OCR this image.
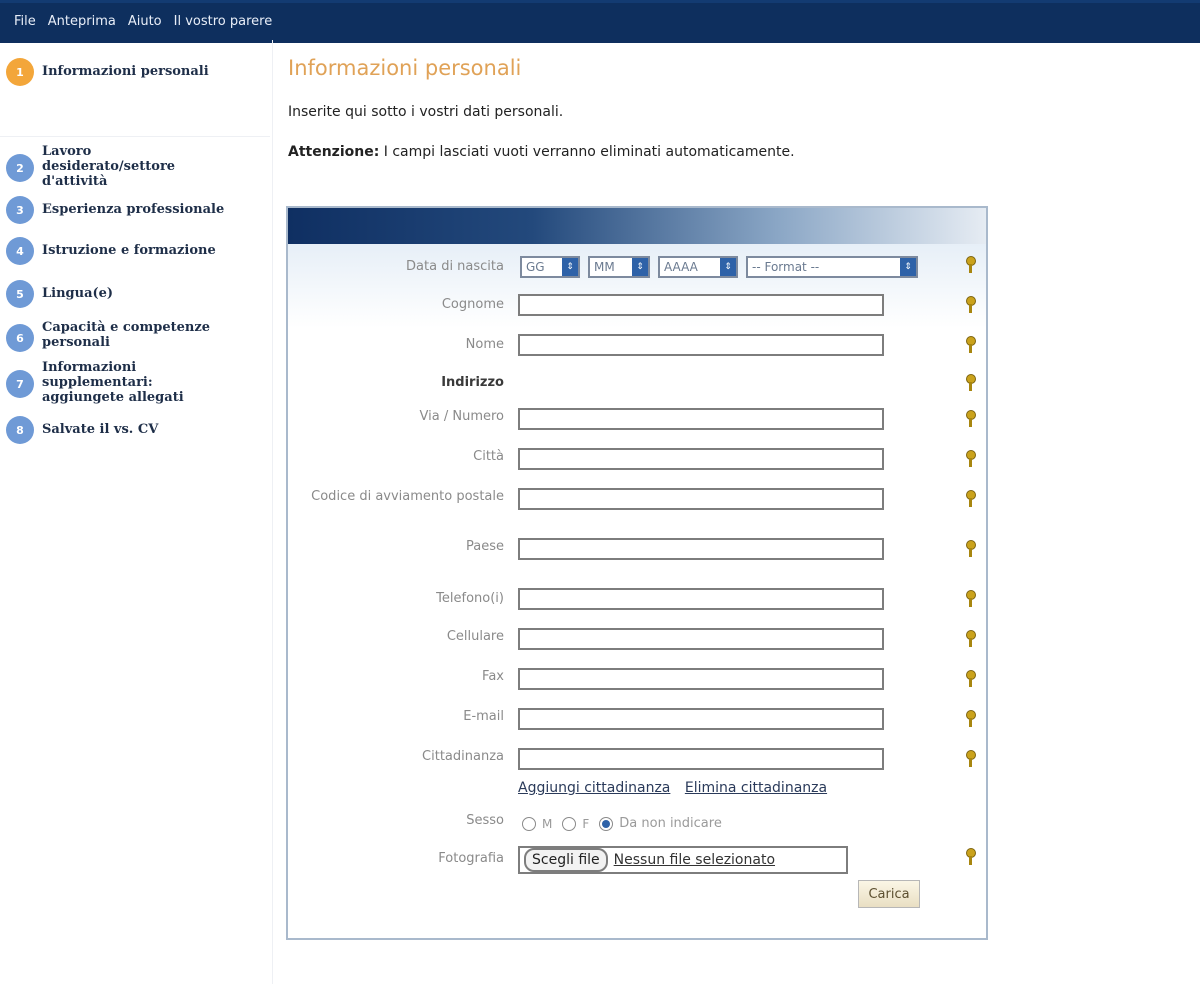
File Anteprima Aiuto Il vostro parere
1	Informazioni personali
2
Lavoro desiderato/settore d'attività
3	Esperienza professionale
4	Istruzione e formazione
5	Lingua(e)
6
Capacità e competenze personali
7
Informazioni supplementari: aggiungete allegati
8	Salvate il vs. CV
Informazioni personali
Inserite qui sotto i vostri dati personali.
Attenzione: I campi lasciati vuoti verranno eliminati automaticamente.
Data di nascita	GG	⇕	MM	⇕	AAAA	⇕	-- Format --	⇕
Cognome
Nome
Indirizzo
Via / Numero
Città
Codice di avviamento postale
Paese
Telefono(i)
Cellulare
Fax
E-mail
Cittadinanza
Aggiungi cittadinanza Elimina cittadinanza
Sesso	M	F Da non indicare
Fotografia	Scegli file	Nessun file selezionato
Carica
